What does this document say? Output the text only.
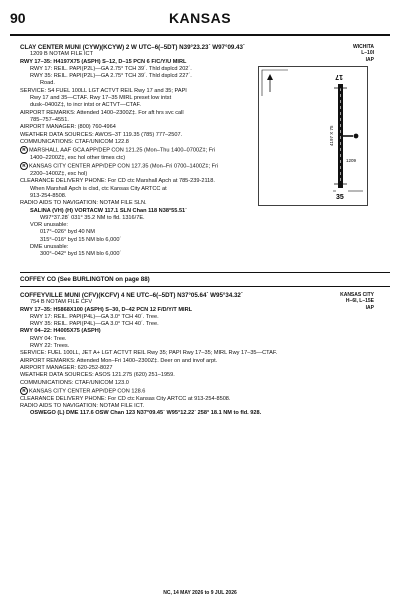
90	KANSAS
WICHITA
L–10I
IAP
CLAY CENTER MUNI (CYW)(KCYW) 2 W UTC–6(–5DT) N39°23.23´ W97°09.43´
1209 B NOTAM FILE ICT
RWY 17–35: H4197X75 (ASPH) S–12, D–15 PCN 6 F/C/Y/U MIRL
RWY 17: REIL. PAPI(P2L)—GA 2.75° TCH 39´. Thld dsplcd 202´.
RWY 35: REIL. PAPI(P2L)—GA 2.75° TCH 39´. Thld dsplcd 227´.
Road.
SERVICE: S4 FUEL 100LL LGT ACTVT REIL Rwy 17 and 35; PAPI
Rwy 17 and 35—CTAF. Rwy 17–35 MIRL preset low intst
dusk–0400Z‡, to incr intst or ACTVT—CTAF.
AIRPORT REMARKS: Attended 1400–2300Z‡. For aft hrs svc call
785–757–4551.
AIRPORT MANAGER: (800) 760-4964
WEATHER DATA SOURCES: AWOS–3T 119.35 (785) 777–2507.
COMMUNICATIONS: CTAF/UNICOM 122.8
R MARSHALL AAF GCA APP/DEP CON 121.25 (Mon–Thu 1400–0700Z‡; Fri
1400–2200Z‡, exc hol other times ctc)
R KANSAS CITY CENTER APP/DEP CON 127.35 (Mon–Fri 0700–1400Z‡; Fri
2200–1400Z‡, exc hol)
CLEARANCE DELIVERY PHONE: For CD ctc Marshall Apch at 785-239-2118.
When Marshall Apch is clsd, ctc Kansas City ARTCC at
913-254-8508.
RADIO AIDS TO NAVIGATION: NOTAM FILE SLN.
SALINA (VH) (H) VORTACW 117.1 SLN Chan 118 N38°55.51´
W97°37.28´ 031° 35.2 NM to fld. 1316/7E.
VOR unusable:
017°–026° byd 40 NM
315°–016° byd 15 NM blo 6,000´
DME unusable:
300°–042° byd 15 NM blo 6,000´
17
35
4197 X 75
1209
COFFEY CO (See BURLINGTON on page 88)
KANSAS CITY
H–6I, L–15E
IAP
COFFEYVILLE MUNI (CFV)(KCFV) 4 NE UTC–6(–5DT) N37°05.64´ W95°34.32´
754 B NOTAM FILE CFV
RWY 17–35: H5868X100 (ASPH) S–30, D–42 PCN 12 F/D/Y/T MIRL
RWY 17: REIL. PAPI(P4L)—GA 3.0° TCH 40´. Tree.
RWY 35: REIL. PAPI(P4L)—GA 3.0° TCH 40´. Tree.
RWY 04–22: H4005X75 (ASPH)
RWY 04: Tree.
RWY 22: Trees.
SERVICE: FUEL 100LL, JET A+ LGT ACTVT REIL Rwy 35; PAPI Rwy 17–35; MIRL Rwy 17–35—CTAF.
AIRPORT REMARKS: Attended Mon–Fri 1400–2300Z‡. Deer on and invof arpt.
AIRPORT MANAGER: 620-252-8027
WEATHER DATA SOURCES: ASOS 121.275 (620) 251–1959.
COMMUNICATIONS: CTAF/UNICOM 123.0
R KANSAS CITY CENTER APP/DEP CON 128.6
CLEARANCE DELIVERY PHONE: For CD ctc Kansas City ARTCC at 913-254-8508.
RADIO AIDS TO NAVIGATION: NOTAM FILE ICT.
OSWEGO (L) DME 117.6 OSW Chan 123 N37°09.45´ W95°12.22´ 258° 18.1 NM to fld. 928.
NC, 14 MAY 2026 to 9 JUL 2026
